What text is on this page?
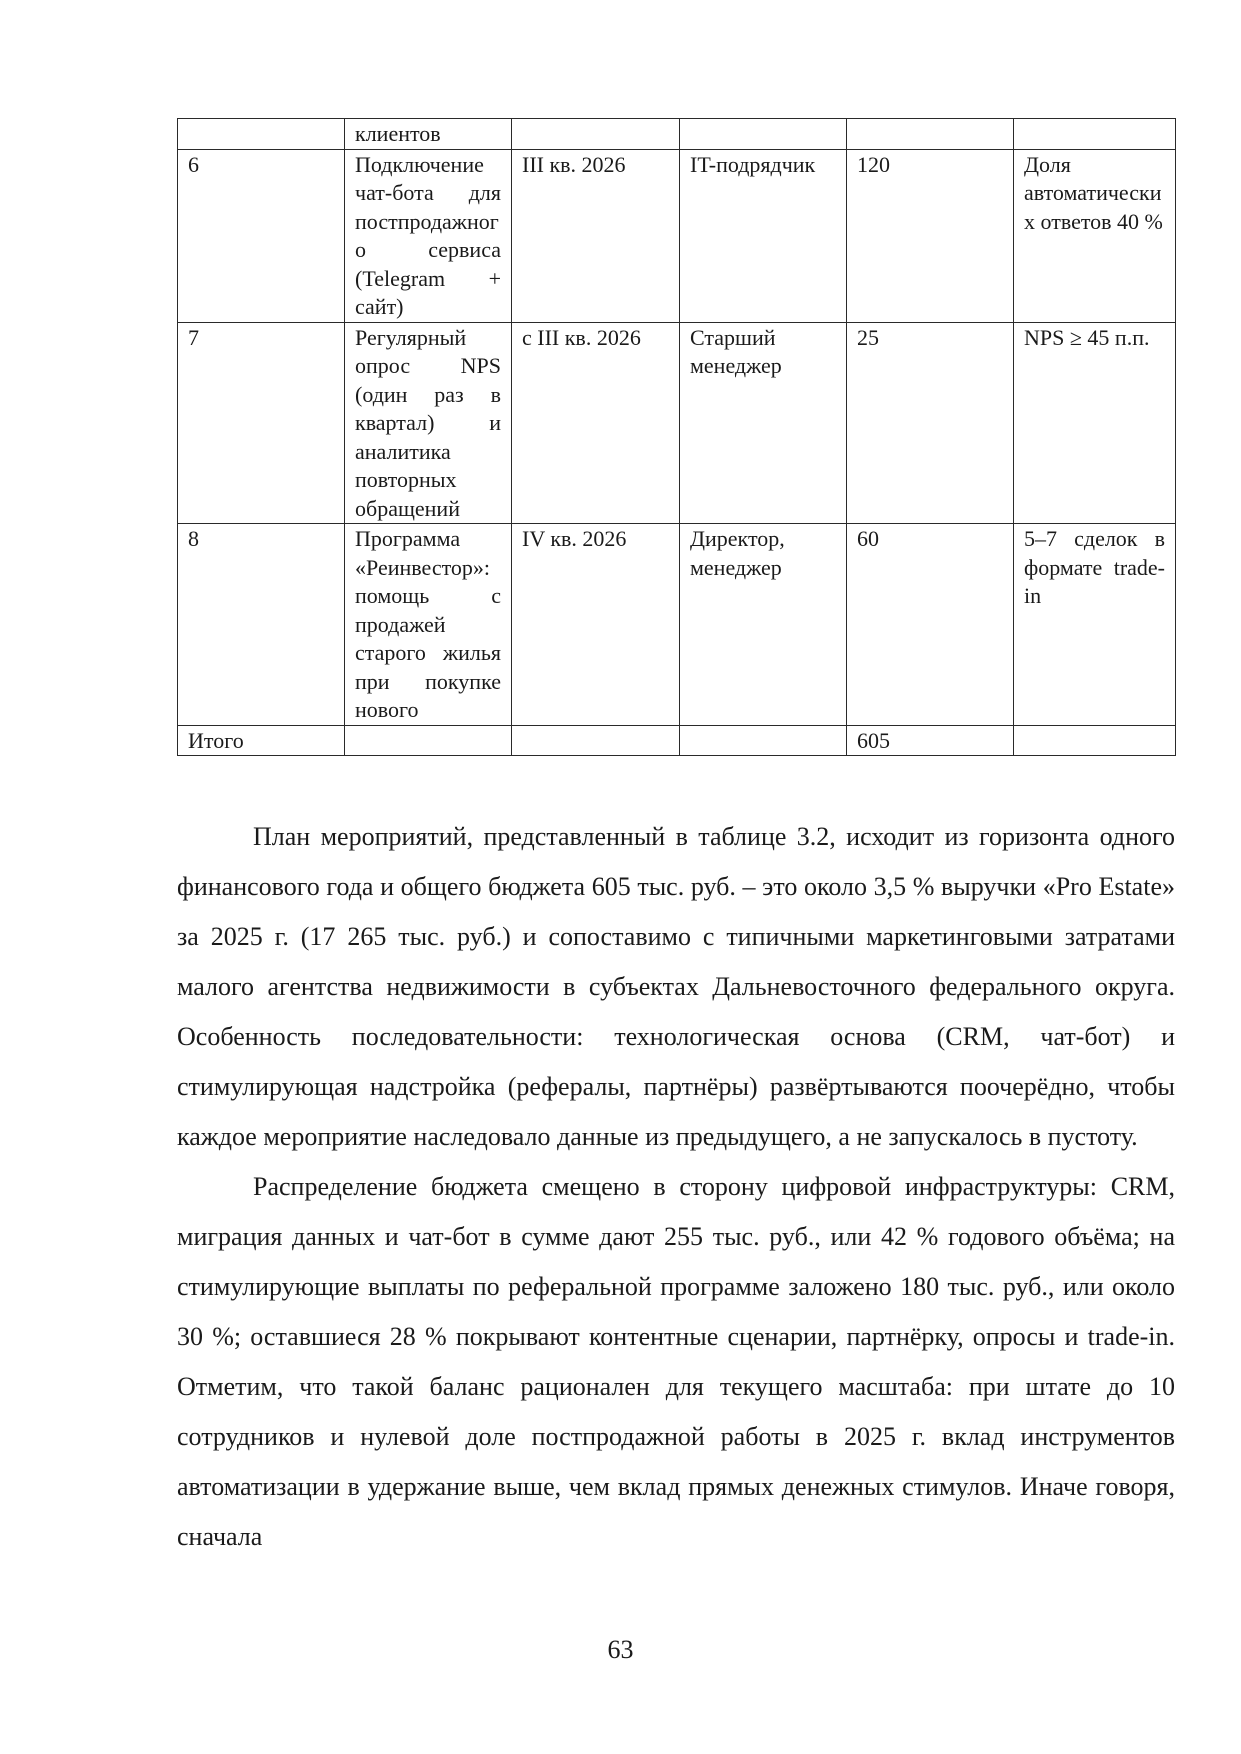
	клиентов				
6	Подключение чат-бота для постпродажного сервиса (Telegram + сайт)	III кв. 2026	IT-подрядчик	120	Доля автоматических ответов 40 %
7	Регулярный опрос NPS (один раз в квартал) и аналитика повторных обращений	с III кв. 2026	Старший менеджер	25	NPS ≥ 45 п.п.
8	Программа «Реинвестор»: помощь с продажей старого жилья при покупке нового	IV кв. 2026	Директор, менеджер	60	5–7 сделок в формате trade-in
Итого				605	

План мероприятий, представленный в таблице 3.2, исходит из горизонта одного финансового года и общего бюджета 605 тыс. руб. – это около 3,5 % выручки «Pro Estate» за 2025 г. (17 265 тыс. руб.) и сопоставимо с типичными маркетинговыми затратами малого агентства недвижимости в субъектах Дальневосточного федерального округа. Особенность последовательности: технологическая основа (CRM, чат-бот) и стимулирующая надстройка (рефералы, партнёры) развёртываются поочерёдно, чтобы каждое мероприятие наследовало данные из предыдущего, а не запускалось в пустоту.

Распределение бюджета смещено в сторону цифровой инфраструктуры: CRM, миграция данных и чат-бот в сумме дают 255 тыс. руб., или 42 % годового объёма; на стимулирующие выплаты по реферальной программе заложено 180 тыс. руб., или около 30 %; оставшиеся 28 % покрывают контентные сценарии, партнёрку, опросы и trade-in. Отметим, что такой баланс рационален для текущего масштаба: при штате до 10 сотрудников и нулевой доле постпродажной работы в 2025 г. вклад инструментов автоматизации в удержание выше, чем вклад прямых денежных стимулов. Иначе говоря, сначала

63
